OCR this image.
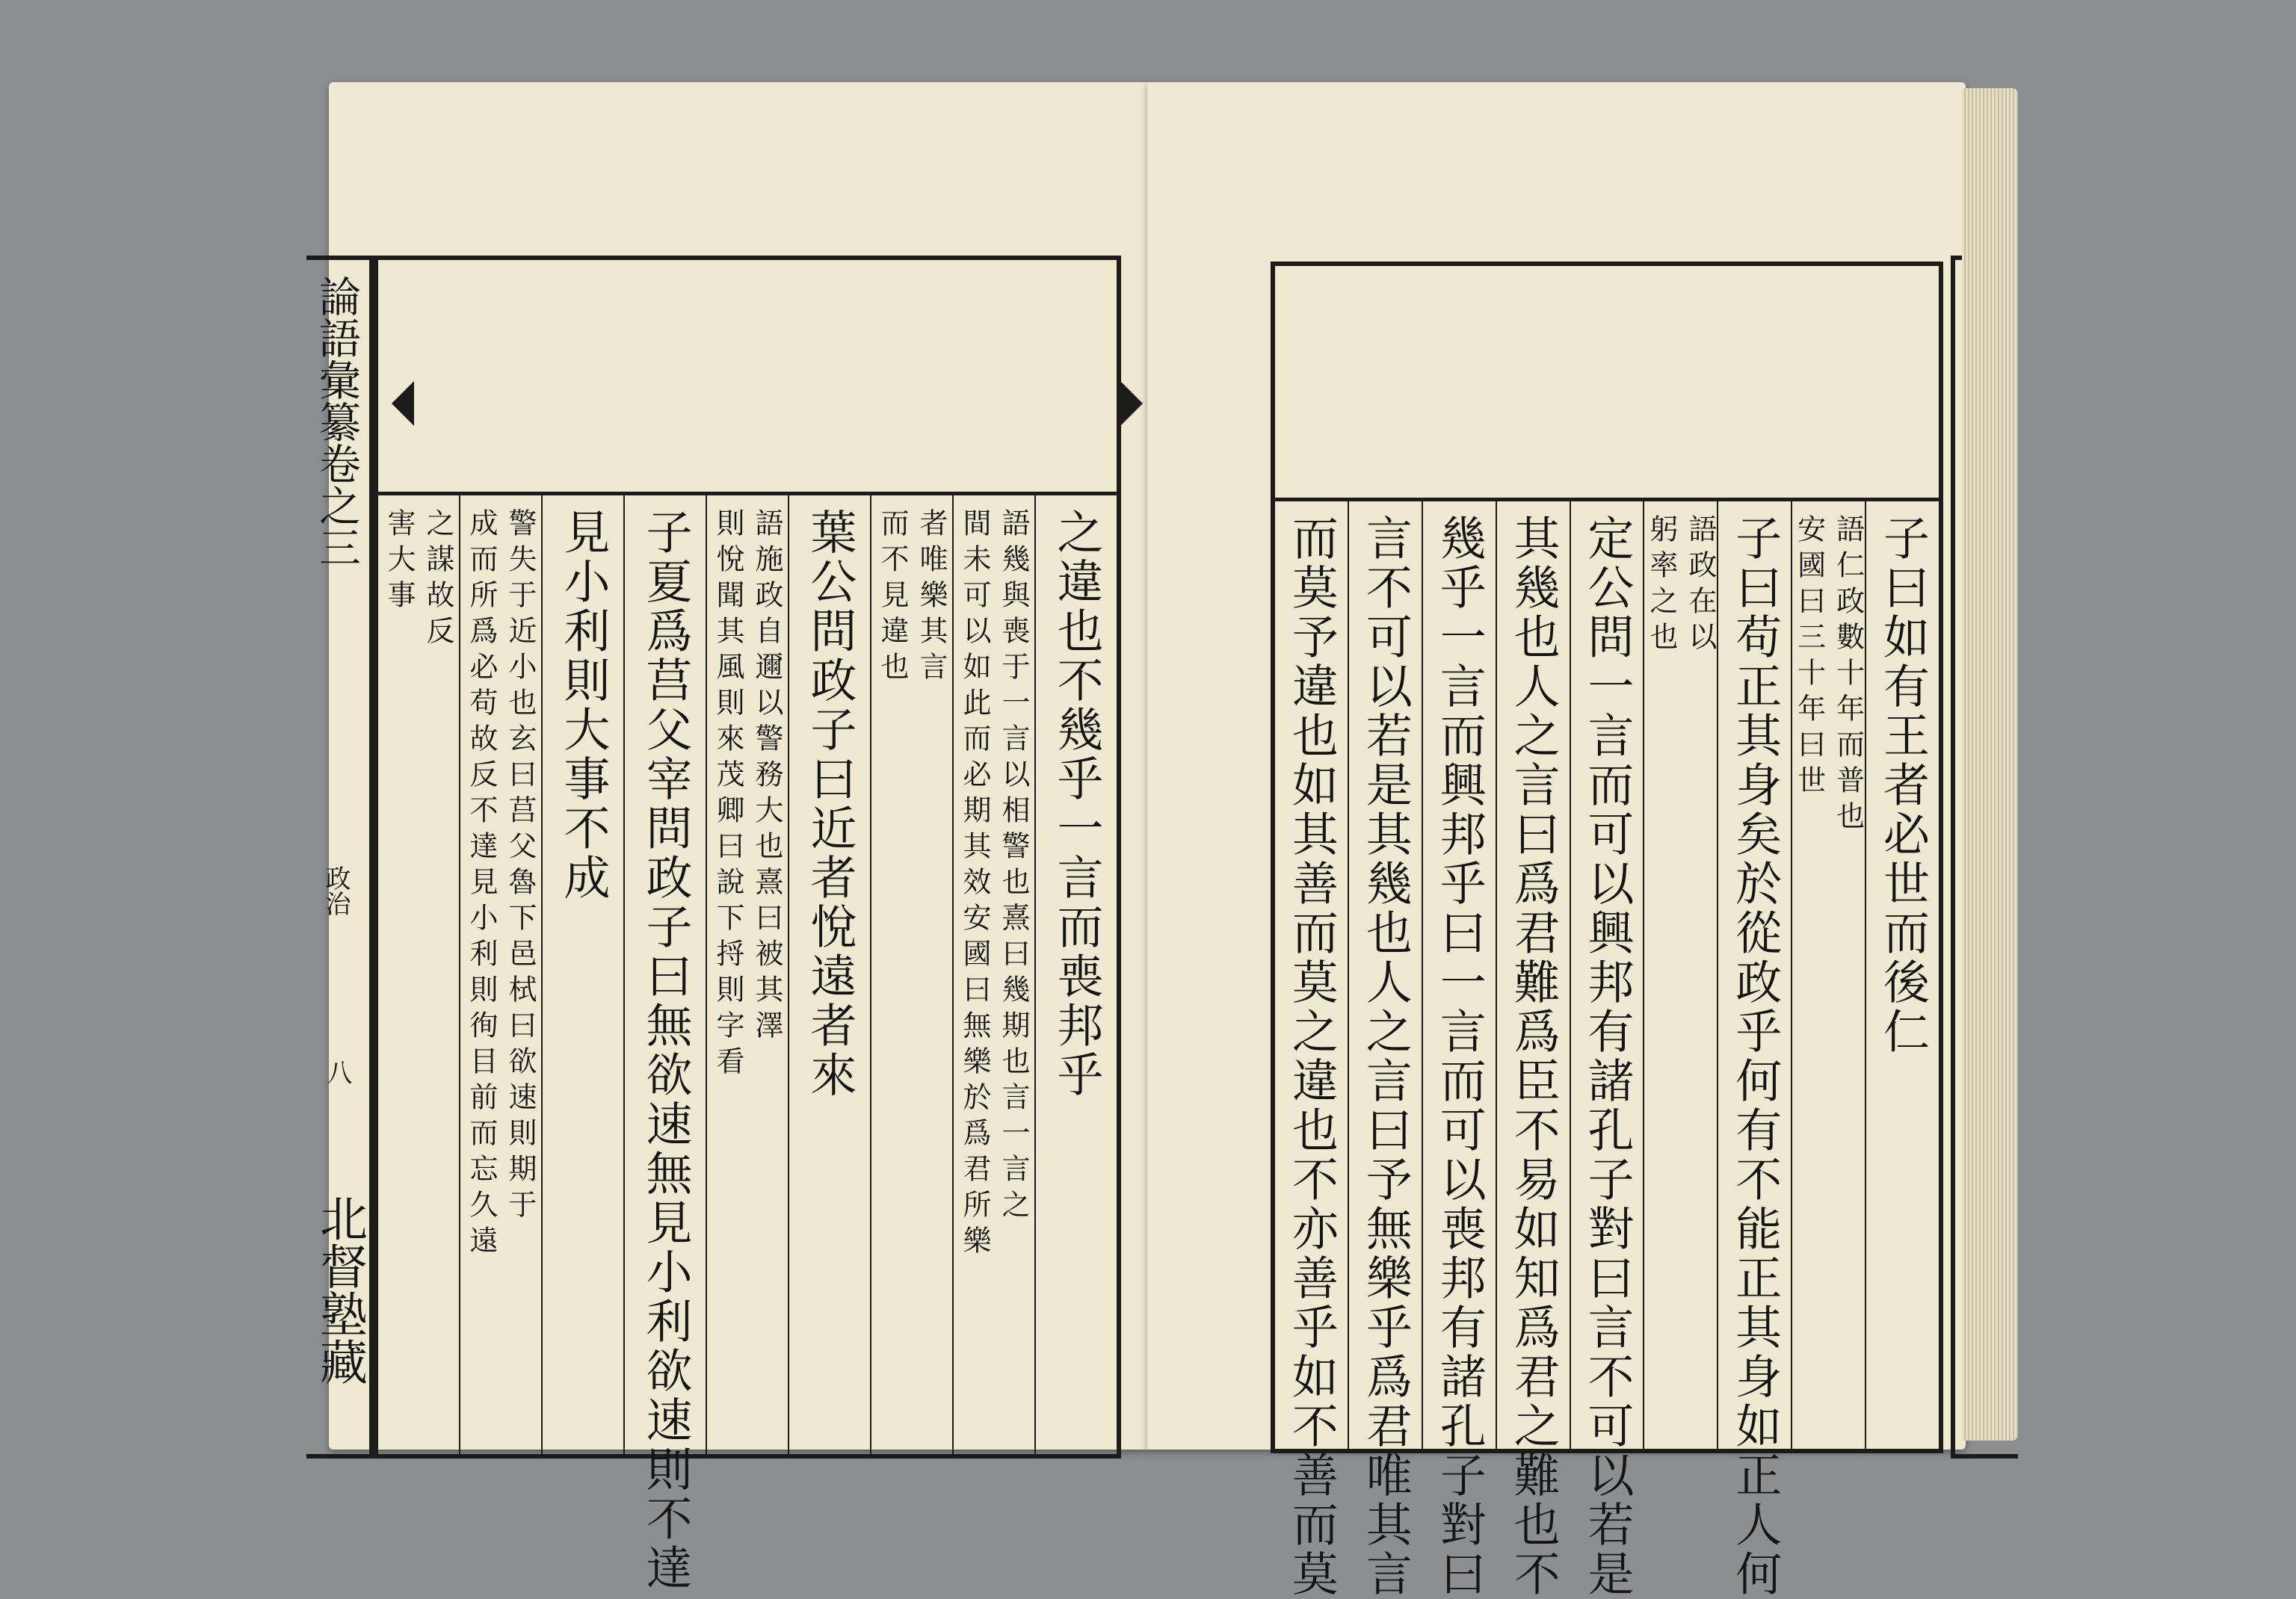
論語彙纂卷之三
政治
八
北督塾藏
之違也不幾乎一言而喪邦乎
語幾與喪于一言以相警也熹曰幾期也言一言之
間未可以如此而必期其效安國曰無樂於爲君所樂
者唯樂其言
而不見違也
葉公問政子曰近者悅遠者來
語施政自邇以警務大也熹曰被其澤
則悅聞其風則來茂卿曰說下捋則字看
子夏爲莒父宰問政子曰無欲速無見小利欲速則不達
見小利則大事不成
警失于近小也玄曰莒父魯下邑栻曰欲速則期于
成而所爲必苟故反不達見小利則徇目前而忘久遠
之謀故反
害大事	子曰如有王者必世而後仁
語仁政數十年而普也
安國曰三十年曰世
子曰苟正其身矣於從政乎何有不能正其身如正人何
語政在以
躬率之也
定公問一言而可以興邦有諸孔子對曰言不可以若是
其幾也人之言曰爲君難爲臣不易如知爲君之難也不
幾乎一言而興邦乎曰一言而可以喪邦有諸孔子對曰
言不可以若是其幾也人之言曰予無樂乎爲君唯其言
而莫予違也如其善而莫之違也不亦善乎如不善而莫
